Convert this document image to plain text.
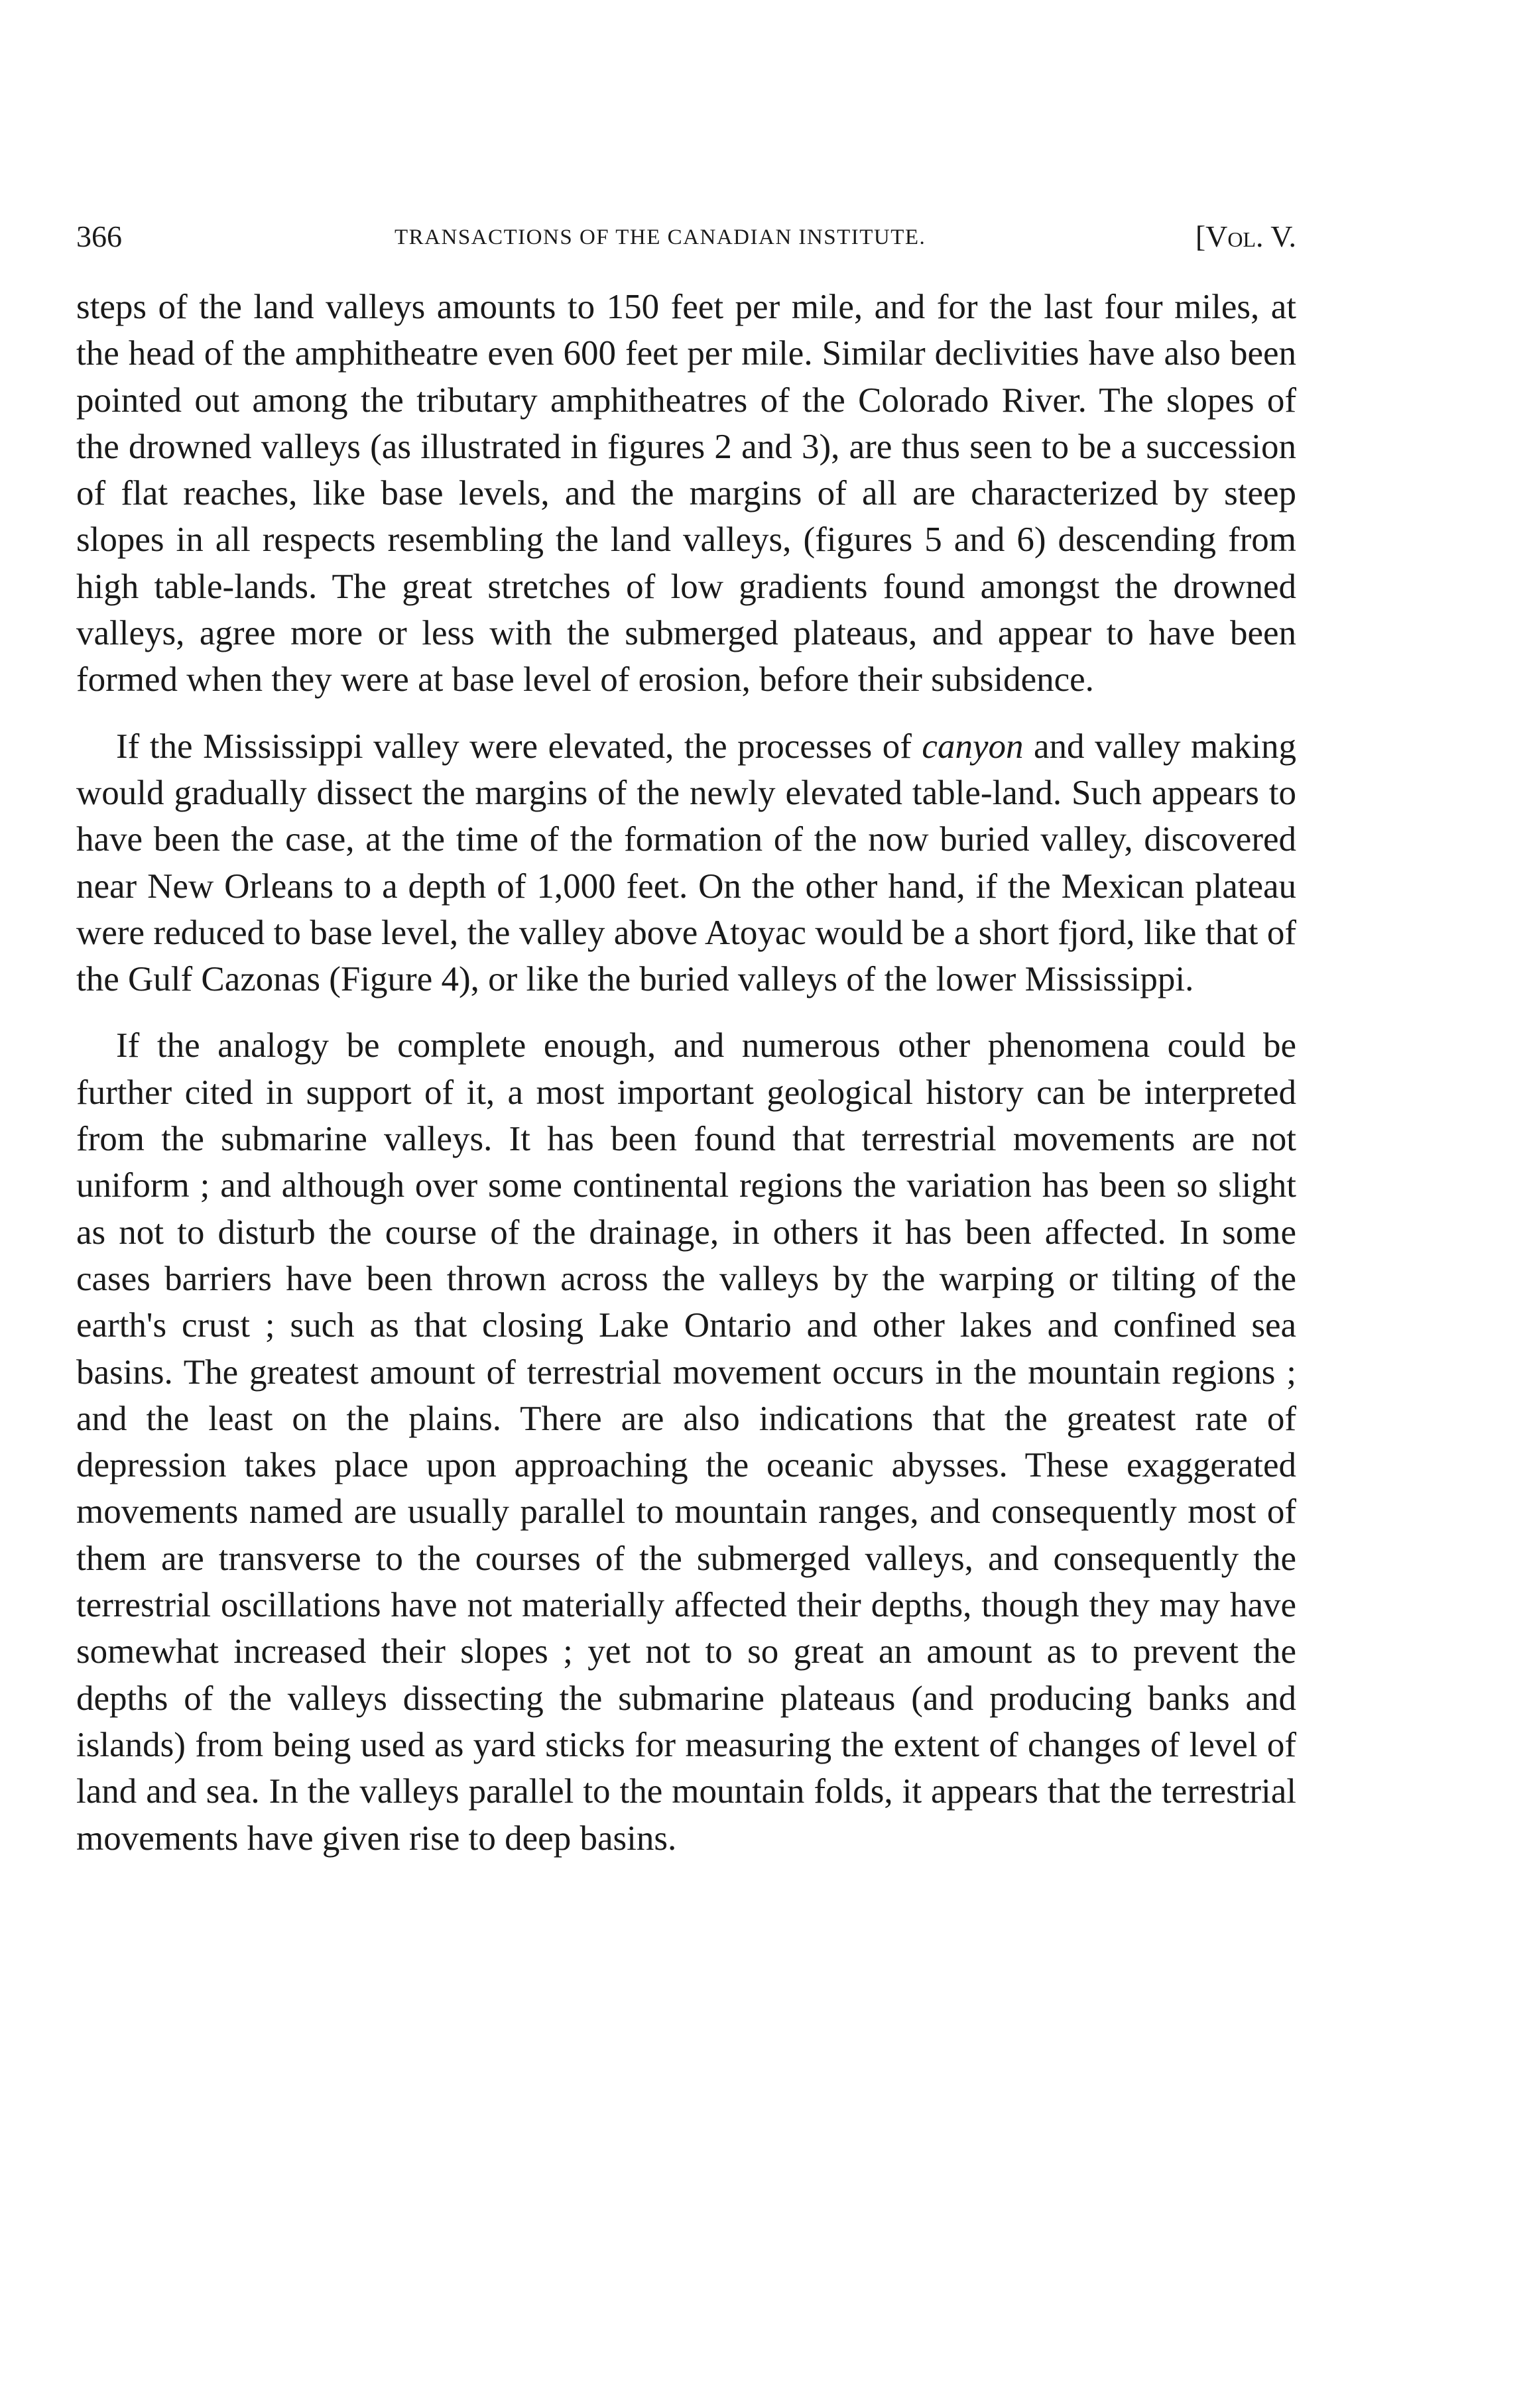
366	TRANSACTIONS OF THE CANADIAN INSTITUTE.	[Vol. V.

steps of the land valleys amounts to 150 feet per mile, and for the last four miles, at the head of the amphitheatre even 600 feet per mile. Similar declivities have also been pointed out among the tributary amphitheatres of the Colorado River. The slopes of the drowned valleys (as illustrated in figures 2 and 3), are thus seen to be a succession of flat reaches, like base levels, and the margins of all are characterized by steep slopes in all respects resembling the land valleys, (figures 5 and 6) descending from high table-lands. The great stretches of low gradients found amongst the drowned valleys, agree more or less with the submerged plateaus, and appear to have been formed when they were at base level of erosion, before their subsidence.

If the Mississippi valley were elevated, the processes of canyon and valley making would gradually dissect the margins of the newly elevated table-land. Such appears to have been the case, at the time of the formation of the now buried valley, discovered near New Orleans to a depth of 1,000 feet. On the other hand, if the Mexican plateau were reduced to base level, the valley above Atoyac would be a short fjord, like that of the Gulf Cazonas (Figure 4), or like the buried valleys of the lower Mississippi.

If the analogy be complete enough, and numerous other phenomena could be further cited in support of it, a most important geological history can be interpreted from the submarine valleys. It has been found that terrestrial movements are not uniform ; and although over some continental regions the variation has been so slight as not to disturb the course of the drainage, in others it has been affected. In some cases barriers have been thrown across the valleys by the warping or tilting of the earth's crust ; such as that closing Lake Ontario and other lakes and confined sea basins. The greatest amount of terrestrial movement occurs in the mountain regions ; and the least on the plains. There are also indications that the greatest rate of depression takes place upon approaching the oceanic abysses. These exaggerated movements named are usually parallel to mountain ranges, and consequently most of them are transverse to the courses of the submerged valleys, and consequently the terrestrial oscillations have not materially affected their depths, though they may have somewhat increased their slopes ; yet not to so great an amount as to prevent the depths of the valleys dissecting the submarine plateaus (and producing banks and islands) from being used as yard sticks for measuring the extent of changes of level of land and sea. In the valleys parallel to the mountain folds, it appears that the terrestrial movements have given rise to deep basins.
